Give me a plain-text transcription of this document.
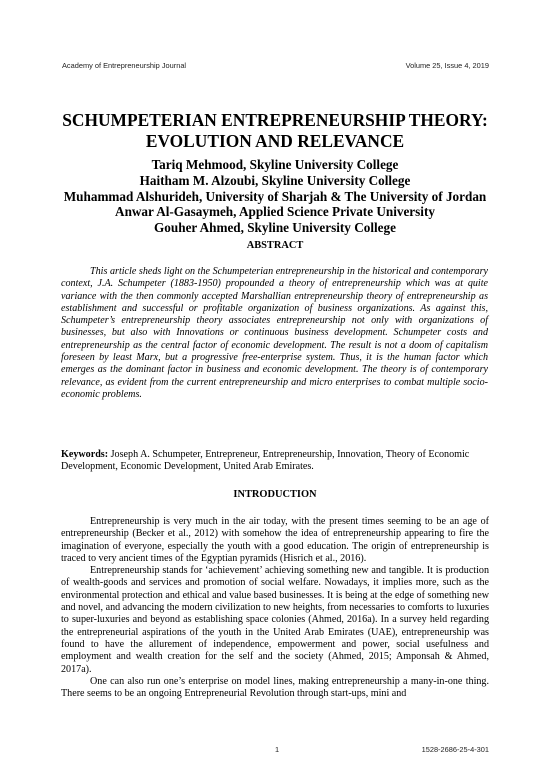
Academy of Entrepreneurship Journal	Volume 25, Issue 4, 2019
SCHUMPETERIAN ENTREPRENEURSHIP THEORY:
EVOLUTION AND RELEVANCE
Tariq Mehmood, Skyline University College
Haitham M. Alzoubi, Skyline University College
Muhammad Alshurideh, University of Sharjah & The University of Jordan
Anwar Al-Gasaymeh, Applied Science Private University
Gouher Ahmed, Skyline University College
ABSTRACT

This article sheds light on the Schumpeterian entrepreneurship in the historical and contemporary context, J.A. Schumpeter (1883-1950) propounded a theory of entrepreneurship which was at quite variance with the then commonly accepted Marshallian entrepreneurship theory of entrepreneurship as establishment and successful or profitable organization of business organizations. As against this, Schumpeter’s entrepreneurship theory associates entrepreneurship not only with organizations of businesses, but also with Innovations or continuous business development. Schumpeter costs and entrepreneurship as the central factor of economic development. The result is not a doom of capitalism foreseen by least Marx, but a progressive free-enterprise system. Thus, it is the human factor which emerges as the dominant factor in business and economic development. The theory is of contemporary relevance, as evident from the current entrepreneurship and micro enterprises to combat multiple socio-economic problems.

Keywords: Joseph A. Schumpeter, Entrepreneur, Entrepreneurship, Innovation, Theory of Economic Development, Economic Development, United Arab Emirates.

INTRODUCTION

Entrepreneurship is very much in the air today, with the present times seeming to be an age of entrepreneurship (Becker et al., 2012) with somehow the idea of entrepreneurship appearing to fire the imagination of everyone, especially the youth with a good education. The origin of entrepreneurship is traced to very ancient times of the Egyptian pyramids (Hisrich et al., 2016).

Entrepreneurship stands for ‘achievement’ achieving something new and tangible. It is production of wealth-goods and services and promotion of social welfare. Nowadays, it implies more, such as the environmental protection and ethical and value based businesses. It is being at the edge of something new and novel, and advancing the modern civilization to new heights, from necessaries to comforts to luxuries to super-luxuries and beyond as establishing space colonies (Ahmed, 2016a). In a survey held regarding the entrepreneurial aspirations of the youth in the United Arab Emirates (UAE), entrepreneurship was found to have the allurement of independence, empowerment and power, social usefulness and employment and wealth creation for the self and the society (Ahmed, 2015; Amponsah & Ahmed, 2017a).

One can also run one’s enterprise on model lines, making entrepreneurship a many-in-one thing. There seems to be an ongoing Entrepreneurial Revolution through start-ups, mini and

1	1528-2686-25-4-301
